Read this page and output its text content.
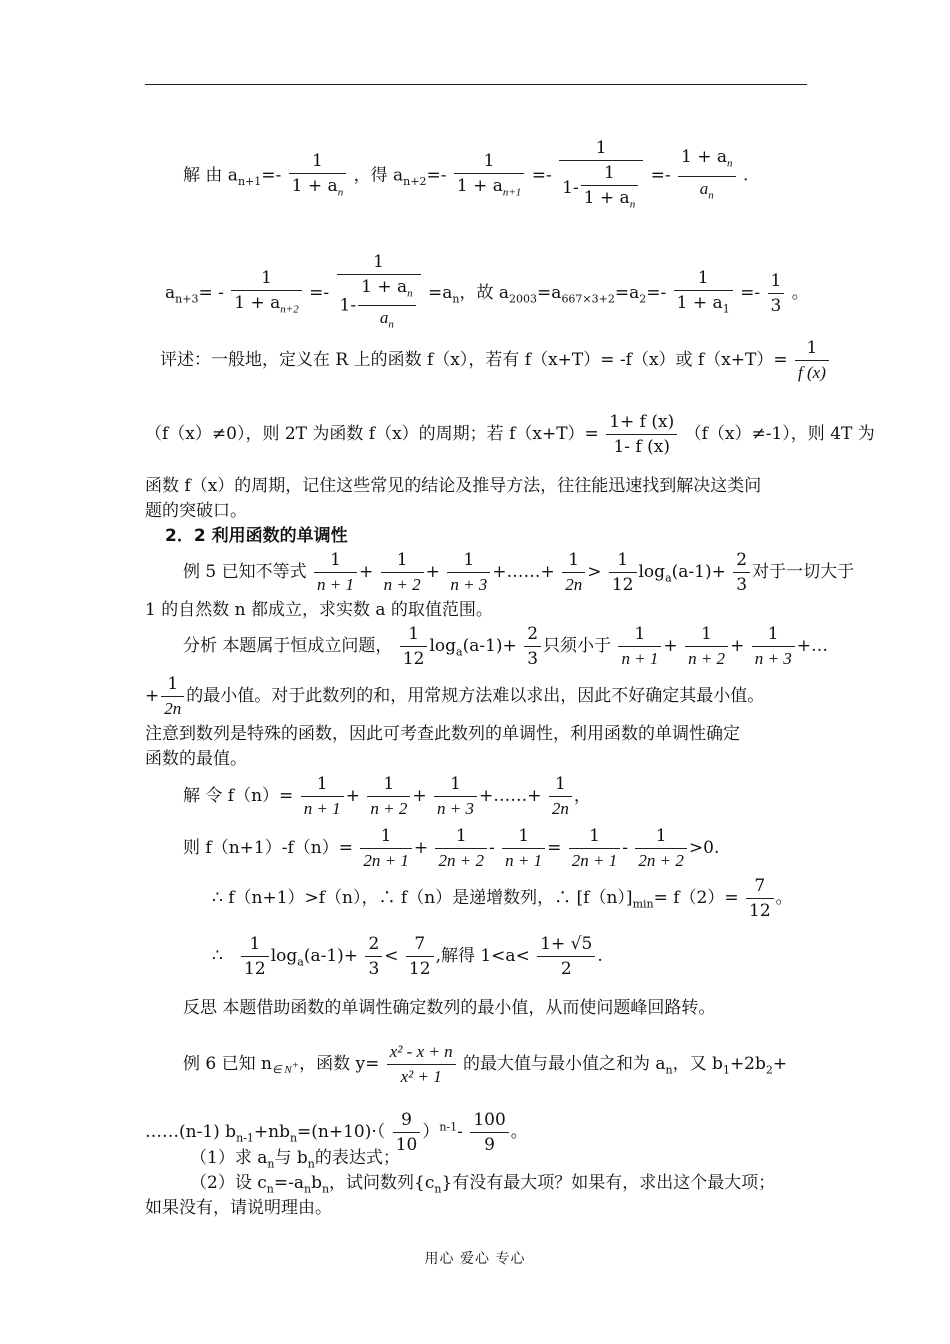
解 由 $a_{n+1}=- \frac{1}{1 + a_n}$ ，得 $a_{n+2}=- \frac{1}{1 + a_{n+1}} =- \frac{1}{1- \frac{1}{1 + a_n}} =- \frac{1 + a_n}{a_n}$ .
$a_{n+3}= - \frac{1}{1 + a_{n+2}} =- \frac{1}{1- \frac{1 + a_n}{a_n}} =a_n$，故 $a_{2003}=a_{667\times 3+2}=a_2=- \frac{1}{1 + a_1} =- \frac{1}{3}$ 。
评述：一般地，定义在 R 上的函数 f（x），若有 f（x+T）= -f（x）或 $f(x+T)= \frac{1}{f (x)}$
（f（x）≠0），则 2T 为函数 f（x）的周期；若 $f(x+T)= \frac{1+ f (x)}{1- f (x)} (f(x)\ne-1)$，则 4T 为
函数 f（x）的周期，记住这些常见的结论及推导方法，往往能迅速找到解决这类问
题的突破口。
2．2 利用函数的单调性
例 5 已知不等式 $\frac{1}{n + 1} + \frac{1}{n + 2} + \frac{1}{n + 3}$ +……+ $\frac{1}{2n} > \frac{1}{12} \log_a(a-1)+ \frac{2}{3}$ 对于一切大于
1 的自然数 n 都成立，求实数 a 的取值范围。
分析 本题属于恒成立问题， $\frac{1}{12} \log_a(a-1)+ \frac{2}{3}$ 只须小于 $\frac{1}{n + 1} + \frac{1}{n + 2} + \frac{1}{n + 3}$ +…
+ $\frac{1}{2n}$ 的最小值。对于此数列的和，用常规方法难以求出，因此不好确定其最小值。
注意到数列是特殊的函数，因此可考查此数列的单调性，利用函数的单调性确定
函数的最值。
解 令 $f(n)= \frac{1}{n + 1} + \frac{1}{n + 2} + \frac{1}{n + 3}$ +……+ $\frac{1}{2n}$ ，
则 $f(n+1)-f(n)= \frac{1}{2n + 1} + \frac{1}{2n + 2} - \frac{1}{n + 1} = \frac{1}{2n + 1} - \frac{1}{2n + 2} >0$.
∴ f（n+1）>f（n），∴ f（n）是递增数列，∴ $[f(n)]_{min}= f(2)= \frac{7}{12}$ 。
∴ $\frac{1}{12} \log_a(a-1)+ \frac{2}{3} < \frac{7}{12}$ ,解得 $1<a< \frac{1+ √5}{2}$ .
反思 本题借助函数的单调性确定数列的最小值，从而使问题峰回路转。
例 6 已知 $n_{\in N^+}$，函数 $y= \frac{\text{x² - x + n}}{\text{x² + 1}}$ 的最大值与最小值之和为 $a_n$，又 $b_1+2b_2+$
……(n-1) $b_{n-1}+nb_n=(n+10)\cdot( \frac{9}{10} )^{n-1}- \frac{100}{9}$ 。
（1）求 $a_n$与 $b_n$的表达式；
（2）设 $c_n=-a_nb_n$，试问数列$\{c_n\}$有没有最大项？如果有，求出这个最大项；
如果没有，请说明理由。
用心 爱心 专心
